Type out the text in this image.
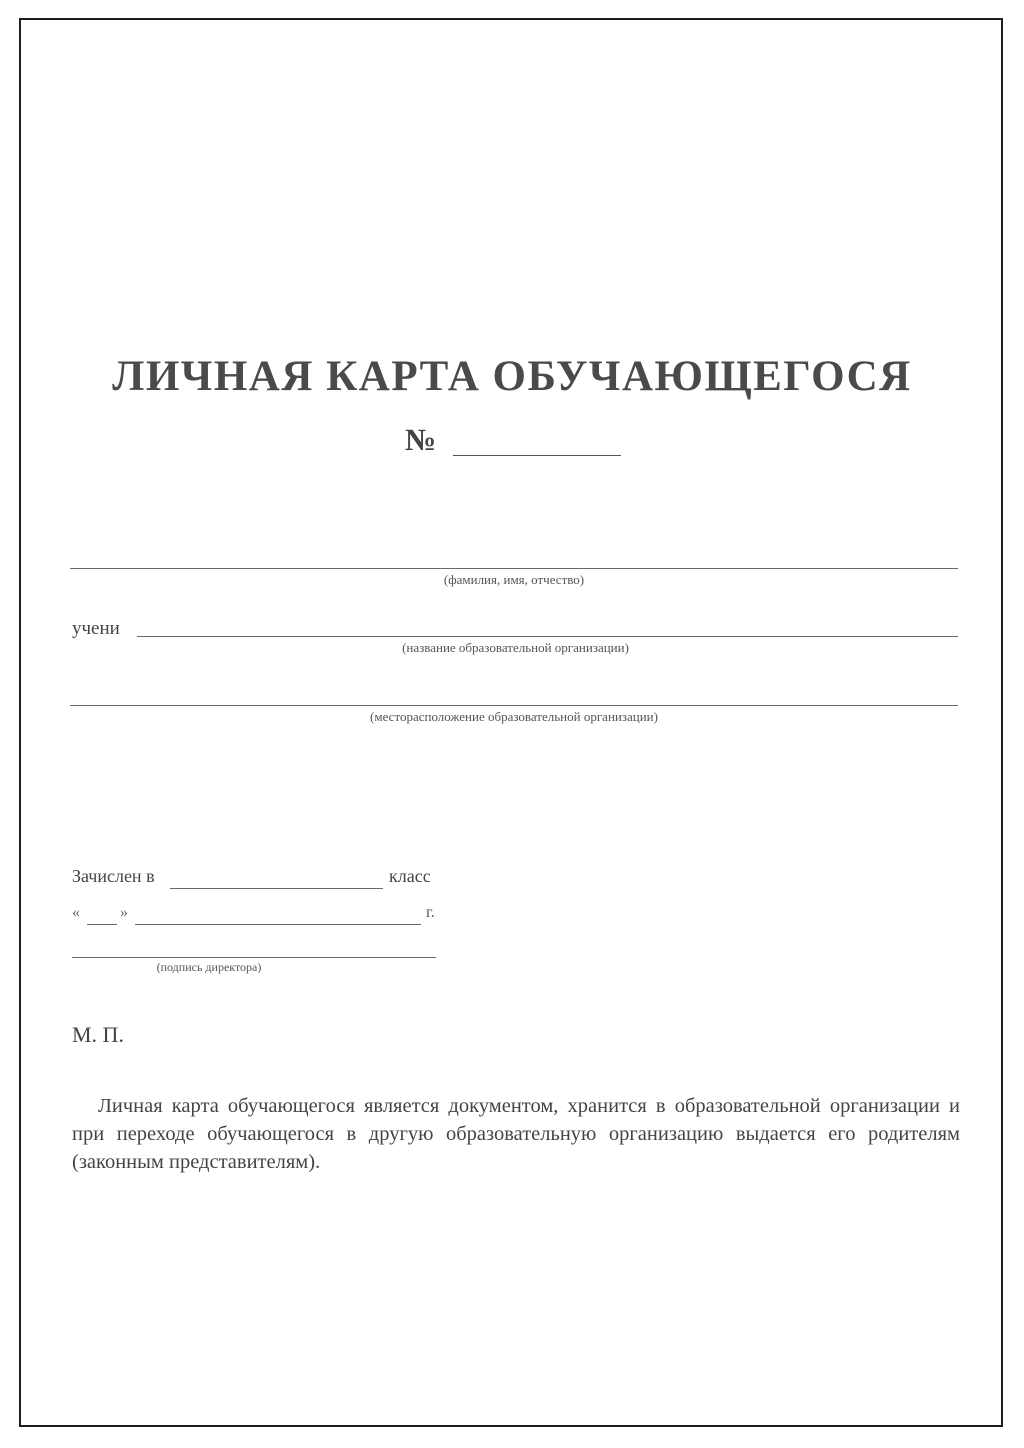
ЛИЧНАЯ КАРТА ОБУЧАЮЩЕГОСЯ
№
(фамилия, имя, отчество)
учени
(название образовательной организации)
(месторасположение образовательной организации)
Зачислен в	класс
«	»	г.
(подпись директора)
М. П.
Личная карта обучающегося является документом, хранится в образовательной организации и при переходе обучающегося в другую образовательную организацию выдается его родителям (законным представителям).
